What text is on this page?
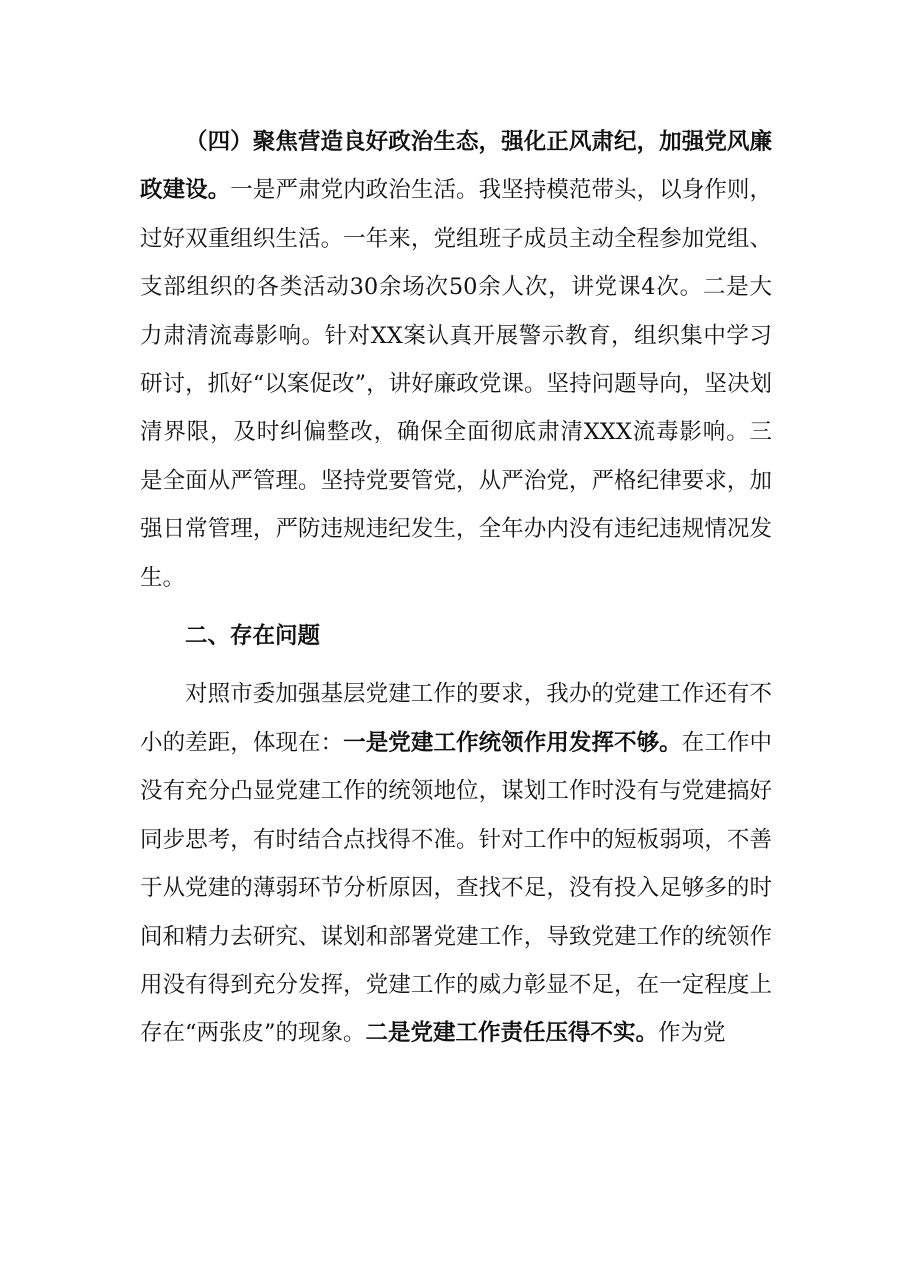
（四）聚焦营造良好政治生态，强化正风肃纪，加强党风廉政建设。一是严肃党内政治生活。我坚持模范带头，以身作则，过好双重组织生活。一年来，党组班子成员主动全程参加党组、支部组织的各类活动30余场次50余人次，讲党课4次。二是大力肃清流毒影响。针对XX案认真开展警示教育，组织集中学习研讨，抓好“以案促改”，讲好廉政党课。坚持问题导向，坚决划清界限，及时纠偏整改，确保全面彻底肃清XXX流毒影响。三是全面从严管理。坚持党要管党，从严治党，严格纪律要求，加强日常管理，严防违规违纪发生，全年办内没有违纪违规情况发生。

二、存在问题

对照市委加强基层党建工作的要求，我办的党建工作还有不小的差距，体现在：一是党建工作统领作用发挥不够。在工作中没有充分凸显党建工作的统领地位，谋划工作时没有与党建搞好同步思考，有时结合点找得不准。针对工作中的短板弱项，不善于从党建的薄弱环节分析原因，查找不足，没有投入足够多的时间和精力去研究、谋划和部署党建工作，导致党建工作的统领作用没有得到充分发挥，党建工作的威力彰显不足，在一定程度上存在“两张皮”的现象。二是党建工作责任压得不实。作为党
